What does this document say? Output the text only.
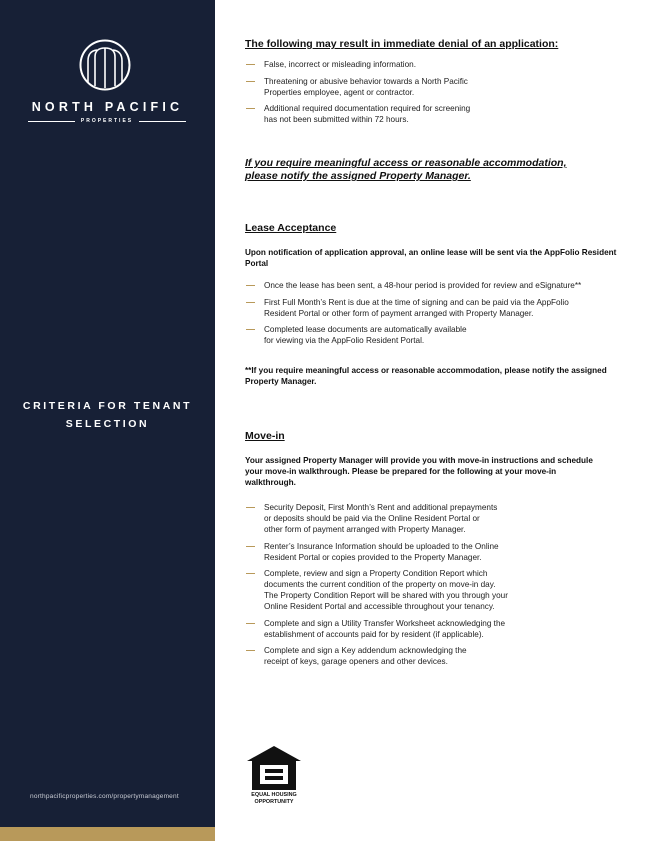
NORTH PACIFIC
PROPERTIES
CRITERIA FOR TENANT
SELECTION
northpacificproperties.com/propertymanagement
The following may result in immediate denial of an application:
False, incorrect or misleading information.
Threatening or abusive behavior towards a North Pacific
Properties employee, agent or contractor.
Additional required documentation required for screening
has not been submitted within 72 hours.
If you require meaningful access or reasonable accommodation,
please notify the assigned Property Manager.
Lease Acceptance
Upon notification of application approval, an online lease will be sent via the AppFolio Resident Portal
Once the lease has been sent, a 48-hour period is provided for review and eSignature**
First Full Month’s Rent is due at the time of signing and can be paid via the AppFolio
Resident Portal or other form of payment arranged with Property Manager.
Completed lease documents are automatically available
for viewing via the AppFolio Resident Portal.
**If you require meaningful access or reasonable accommodation, please notify the assigned Property Manager.
Move-in
Your assigned Property Manager will provide you with move-in instructions and schedule your move-in walkthrough. Please be prepared for the following at your move-in walkthrough.
Security Deposit, First Month’s Rent and additional prepayments
or deposits should be paid via the Online Resident Portal or
other form of payment arranged with Property Manager.
Renter’s Insurance Information should be uploaded to the Online
Resident Portal or copies provided to the Property Manager.
Complete, review and sign a Property Condition Report which
documents the current condition of the property on move-in day.
The Property Condition Report will be shared with you through your
Online Resident Portal and accessible throughout your tenancy.
Complete and sign a Utility Transfer Worksheet acknowledging the
establishment of accounts paid for by resident (if applicable).
Complete and sign a Key addendum acknowledging the
receipt of keys, garage openers and other devices.
EQUAL HOUSING
OPPORTUNITY
